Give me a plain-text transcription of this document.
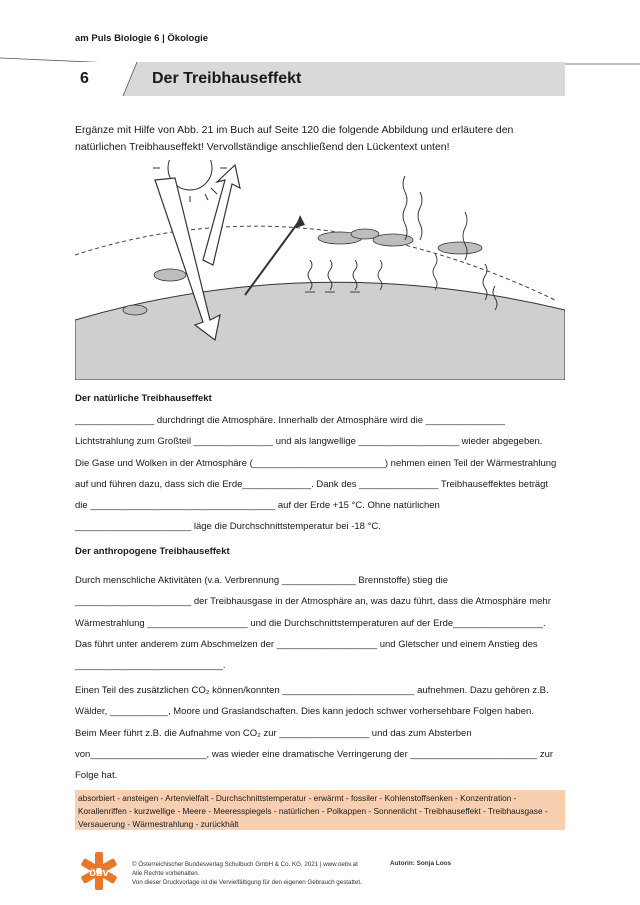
am Puls Biologie 6 | Ökologie
6	Der Treibhauseffekt
Ergänze mit Hilfe von Abb. 21 im Buch auf Seite 120 die folgende Abbildung und erläutere den
natürlichen Treibhauseffekt! Vervollständige anschließend den Lückentext unten!
Der natürliche Treibhauseffekt

_______________ durchdringt die Atmosphäre. Innerhalb der Atmosphäre wird die _______________

Lichtstrahlung zum Großteil _______________ und als langwellige ___________________ wieder abgegeben.

Die Gase und Wolken in der Atmosphäre (_________________________) nehmen einen Teil der Wärmestrahlung

auf und führen dazu, dass sich die Erde_____________. Dank des _______________ Treibhauseffektes beträgt

die ___________________________________ auf der Erde +15 °C. Ohne natürlichen

______________________ läge die Durchschnittstemperatur bei -18 °C.

Der anthropogene Treibhauseffekt

Durch menschliche Aktivitäten (v.a. Verbrennung ______________ Brennstoffe) stieg die

______________________ der Treibhausgase in der Atmosphäre an, was dazu führt, dass die Atmosphäre mehr

Wärmestrahlung ___________________ und die Durchschnittstemperaturen auf der Erde_________________.

Das führt unter anderem zum Abschmelzen der ___________________ und Gletscher und einem Anstieg des

____________________________.

Einen Teil des zusätzlichen CO₂ können/konnten _________________________ aufnehmen. Dazu gehören z.B.

Wälder, ___________, Moore und Graslandschaften. Dies kann jedoch schwer vorhersehbare Folgen haben.

Beim Meer führt z.B. die Aufnahme von CO₂ zur _________________ und das zum Absterben

von______________________, was wieder eine dramatische Verringerung der ________________________ zur

Folge hat.

absorbiert - ansteigen - Artenvielfalt - Durchschnittstemperatur - erwärmt - fossiler - Kohlenstoffsenken - Konzentration - Korallenriffen - kurzwellige - Meere - Meeresspiegels - natürlichen - Polkappen - Sonnenlicht - Treibhauseffekt - Treibhausgase - Versauerung - Wärmestrahlung - zurückhält
öbv
© Österreichischer Bundesverlag Schulbuch GmbH & Co. KG, 2021 | www.oebv.at
Alle Rechte vorbehalten.
Von dieser Druckvorlage ist die Vervielfältigung für den eigenen Gebrauch gestattet.
Autorin: Sonja Loos
